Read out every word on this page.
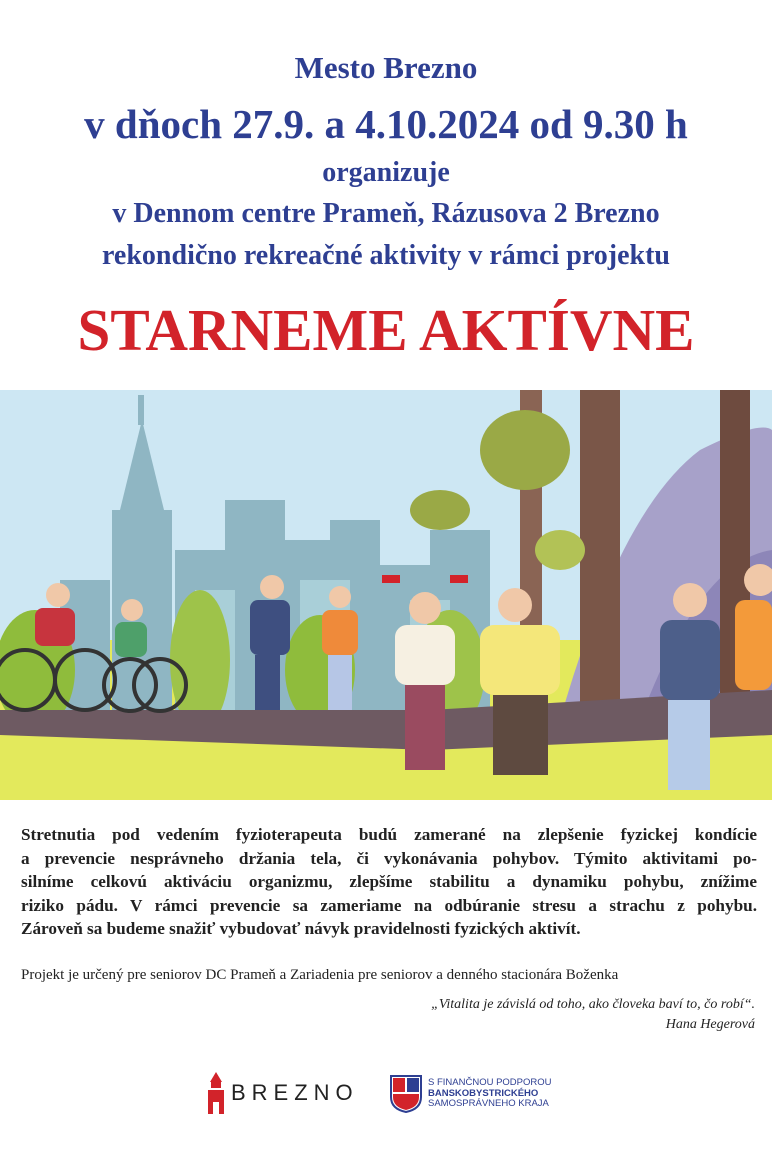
Mesto Brezno
v dňoch 27.9. a 4.10.2024 od 9.30 h
organizuje
v Dennom centre Prameň, Rázusova 2 Brezno
rekondično rekreačné aktivity v rámci projektu
STARNEME AKTÍVNE
Stretnutia pod vedením fyzioterapeuta budú zamerané na zlepšenie fyzickej kondície
a prevencie nesprávneho držania tela, či vykonávania pohybov. Týmito aktivitami po-
silníme celkovú aktiváciu organizmu, zlepšíme stabilitu a dynamiku pohybu, znížime
riziko pádu. V rámci prevencie sa zameriame na odbúranie stresu a strachu z pohybu.
Zároveň sa budeme snažiť vybudovať návyk pravidelnosti fyzických aktivít.
Projekt je určený pre seniorov DC Prameň a Zariadenia pre seniorov a denného stacionára Boženka
„Vitalita je závislá od toho, ako človeka baví to, čo robí“.
Hana Hegerová
BREZNO	S FINANČNOU PODPOROU
BANSKOBYSTRICKÉHO
SAMOSPRÁVNEHO KRAJA
